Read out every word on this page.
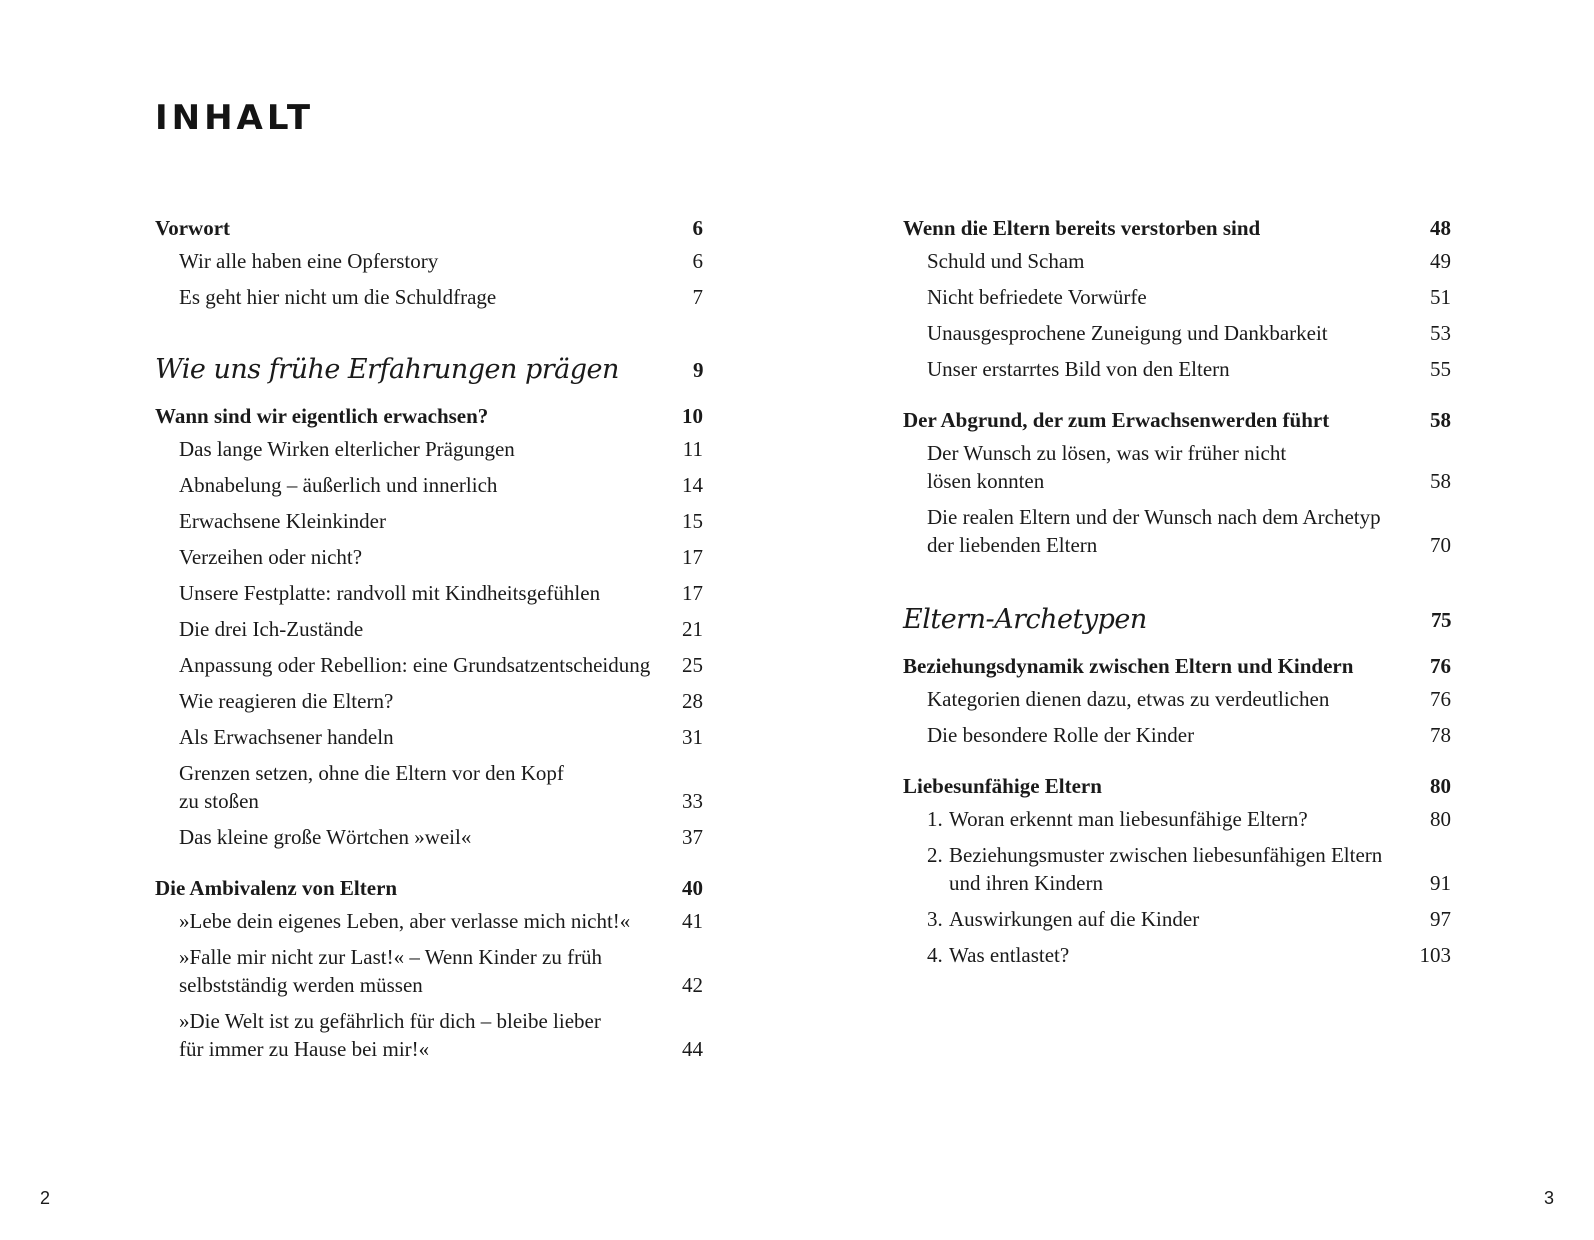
INHALT
Vorwort	6
Wir alle haben eine Opferstory	6
Es geht hier nicht um die Schuldfrage	7
Wie uns frühe Erfahrungen prägen	9
Wann sind wir eigentlich erwachsen?	10
Das lange Wirken elterlicher Prägungen	11
Abnabelung – äußerlich und innerlich	14
Erwachsene Kleinkinder	15
Verzeihen oder nicht?	17
Unsere Festplatte: randvoll mit Kindheitsgefühlen	17
Die drei Ich-Zustände	21
Anpassung oder Rebellion: eine Grundsatzentscheidung 25
Wie reagieren die Eltern?	28
Als Erwachsener handeln	31
Grenzen setzen, ohne die Eltern vor den Kopf zu stoßen	33
Das kleine große Wörtchen »weil«	37
Die Ambivalenz von Eltern	40
»Lebe dein eigenes Leben, aber verlasse mich nicht!« 41
»Falle mir nicht zur Last!« – Wenn Kinder zu früh selbstständig werden müssen	42
»Die Welt ist zu gefährlich für dich – bleibe lieber für immer zu Hause bei mir!«	44
Wenn die Eltern bereits verstorben sind	48
Schuld und Scham	49
Nicht befriedete Vorwürfe	51
Unausgesprochene Zuneigung und Dankbarkeit	53
Unser erstarrtes Bild von den Eltern	55
Der Abgrund, der zum Erwachsenwerden führt	58
Der Wunsch zu lösen, was wir früher nicht lösen konnten	58
Die realen Eltern und der Wunsch nach dem Archetyp der liebenden Eltern	70
Eltern-Archetypen	75
Beziehungsdynamik zwischen Eltern und Kindern	76
Kategorien dienen dazu, etwas zu verdeutlichen	76
Die besondere Rolle der Kinder	78
Liebesunfähige Eltern	80
1. Woran erkennt man liebesunfähige Eltern?	80
2. Beziehungsmuster zwischen liebesunfähigen Eltern und ihren Kindern	91
3. Auswirkungen auf die Kinder	97
4. Was entlastet?	103
2	3
